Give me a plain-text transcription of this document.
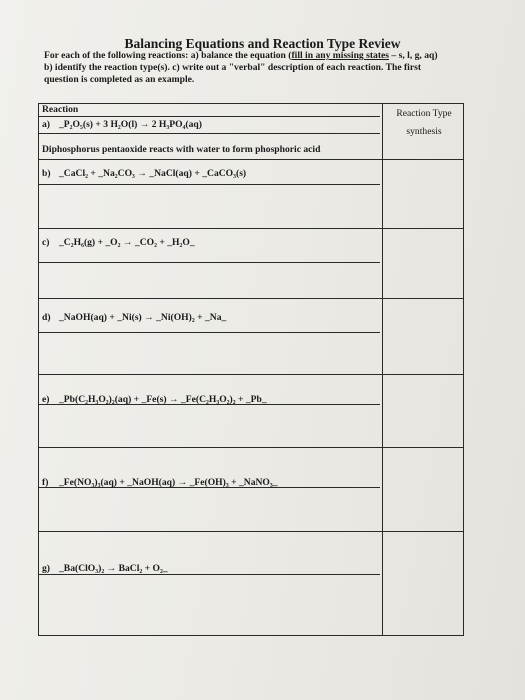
Balancing Equations and Reaction Type Review
For each of the following reactions: a) balance the equation (fill in any missing states – s, l, g, aq)
b) identify the reaction type(s). c) write out a "verbal" description of each reaction. The first
question is completed as an example.
Reaction	Reaction Type
a) _P₂O₅(s) + 3 H₂O(l) → 2 H₃PO₄(aq)
synthesis
Diphosphorus pentaoxide reacts with water to form phosphoric acid
b) _CaCl₂ + _Na₂CO₃ → _NaCl(aq) + _CaCO₃(s)
c) _C₂H₆(g) + _O₂ → _CO₂ + _H₂O_
d) _NaOH(aq) + _Ni(s) → _Ni(OH)₂ + _Na_
e) _Pb(C₂H₃O₂)₂(aq) + _Fe(s) → _Fe(C₂H₃O₂)₂ + _Pb_
f) _Fe(NO₃)₃(aq) + _NaOH(aq) → _Fe(OH)₃ + _NaNO₃_
g) _Ba(ClO₃)₂ → BaCl₂ + O₂_
